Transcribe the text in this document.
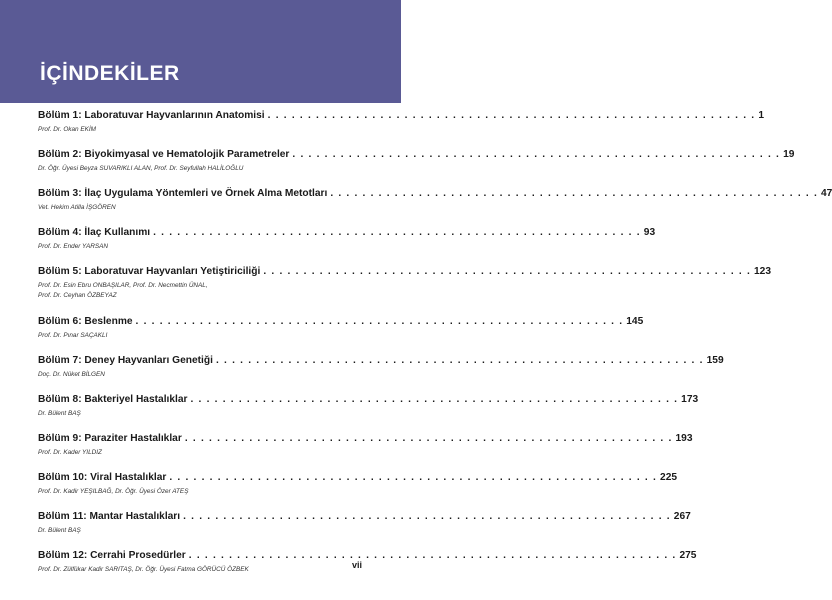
İÇİNDEKİLER
Bölüm 1: Laboratuvar Hayvanlarının Anatomisi . . . . . . . . . . . . . . . . . . . . . . . . . . . . . . . . . . . . . . . . . . . . . . . . . . . . . . . . . . . . . 1
Prof. Dr. Okan EKİM
Bölüm 2: Biyokimyasal ve Hematolojik Parametreler . . . . . . . . . . . . . . . . . . . . . . . . . . . . . . . . . . . . . . . . . . . . . . . . . . . . . . . . . . . . . 19
Dr. Öğr. Üyesi Beyza SUVARIKLI ALAN, Prof. Dr. Seyfullah HALİLOĞLU
Bölüm 3: İlaç Uygulama Yöntemleri ve Örnek Alma Metotları . . . . . . . . . . . . . . . . . . . . . . . . . . . . . . . . . . . . . . . . . . . . . . . . . . . . . . . . . . . . . 47
Vet. Hekim Atilla İŞGÖREN
Bölüm 4: İlaç Kullanımı . . . . . . . . . . . . . . . . . . . . . . . . . . . . . . . . . . . . . . . . . . . . . . . . . . . . . . . . . . . . . 93
Prof. Dr. Ender YARSAN
Bölüm 5: Laboratuvar Hayvanları Yetiştiriciliği . . . . . . . . . . . . . . . . . . . . . . . . . . . . . . . . . . . . . . . . . . . . . . . . . . . . . . . . . . . . . 123
Prof. Dr. Esin Ebru ONBAŞILAR, Prof. Dr. Necmettin ÜNAL,
Prof. Dr. Ceyhan ÖZBEYAZ
Bölüm 6: Beslenme . . . . . . . . . . . . . . . . . . . . . . . . . . . . . . . . . . . . . . . . . . . . . . . . . . . . . . . . . . . . . 145
Prof. Dr. Pınar SAÇAKLI
Bölüm 7: Deney Hayvanları Genetiği . . . . . . . . . . . . . . . . . . . . . . . . . . . . . . . . . . . . . . . . . . . . . . . . . . . . . . . . . . . . . 159
Doç. Dr. Nüket BİLGEN
Bölüm 8: Bakteriyel Hastalıklar . . . . . . . . . . . . . . . . . . . . . . . . . . . . . . . . . . . . . . . . . . . . . . . . . . . . . . . . . . . . . 173
Dr. Bülent BAŞ
Bölüm 9: Paraziter Hastalıklar . . . . . . . . . . . . . . . . . . . . . . . . . . . . . . . . . . . . . . . . . . . . . . . . . . . . . . . . . . . . . 193
Prof. Dr. Kader YILDIZ
Bölüm 10: Viral Hastalıklar . . . . . . . . . . . . . . . . . . . . . . . . . . . . . . . . . . . . . . . . . . . . . . . . . . . . . . . . . . . . . 225
Prof. Dr. Kadir YEŞILBAĞ, Dr. Öğr. Üyesi Özer ATEŞ
Bölüm 11: Mantar Hastalıkları . . . . . . . . . . . . . . . . . . . . . . . . . . . . . . . . . . . . . . . . . . . . . . . . . . . . . . . . . . . . . 267
Dr. Bülent BAŞ
Bölüm 12: Cerrahi Prosedürler . . . . . . . . . . . . . . . . . . . . . . . . . . . . . . . . . . . . . . . . . . . . . . . . . . . . . . . . . . . . . 275
Prof. Dr. Zülfükar Kadir SARITAŞ, Dr. Öğr. Üyesi Fatma GÖRÜCÜ ÖZBEK	vii
